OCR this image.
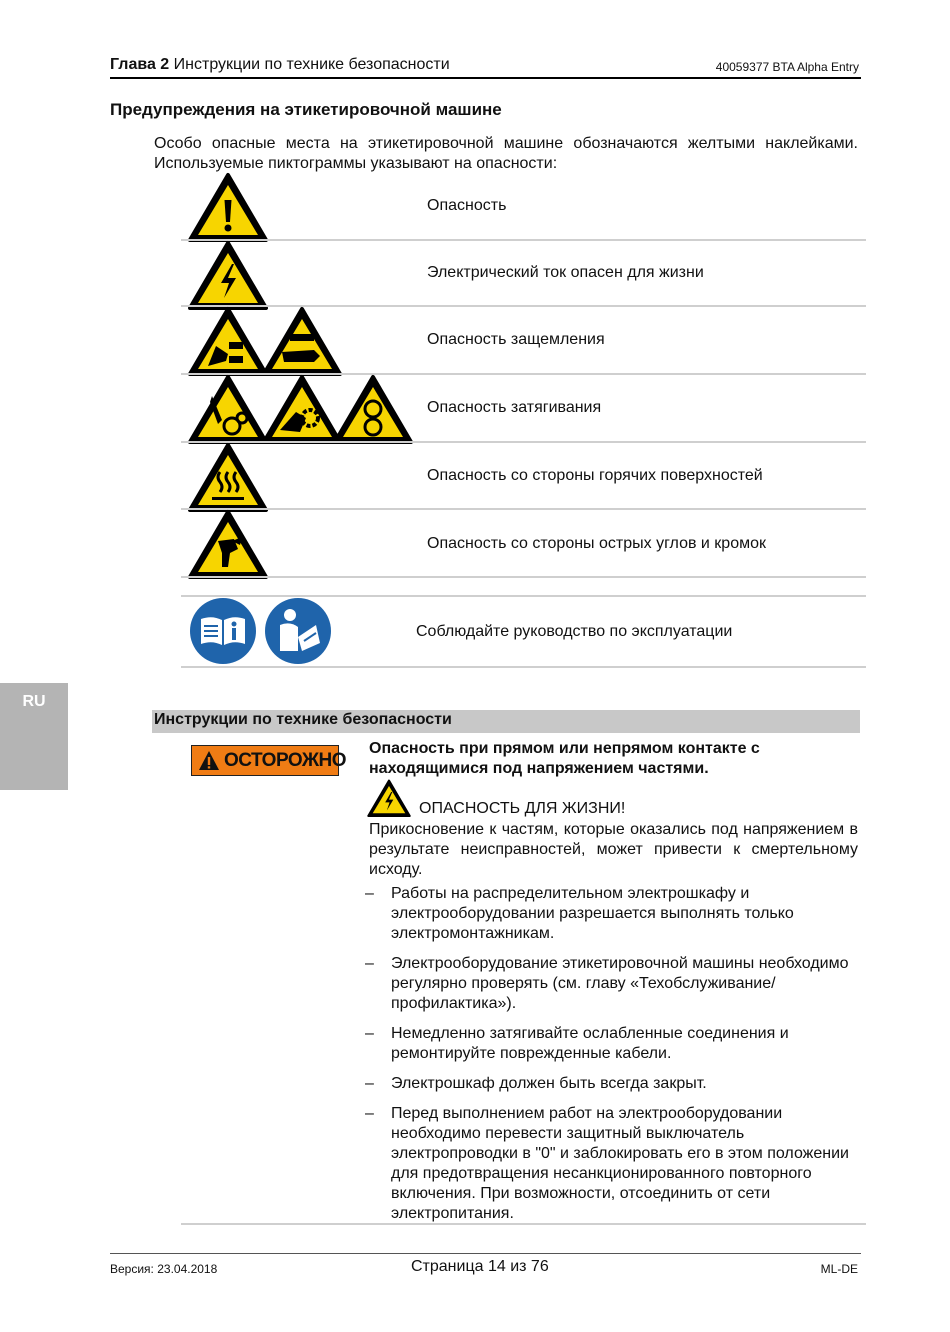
Глава 2 Инструкции по технике безопасности	40059377 BTA Alpha Entry
Предупреждения на этикетировочной машине
Особо опасные места на этикетировочной машине обозначаются желтыми наклейками. Используемые пиктограммы указывают на опасности:
Опасность
Электрический ток опасен для жизни
Опасность защемления
Опасность затягивания
Опасность со стороны горячих поверхностей
Опасность со стороны острых углов и кромок
Соблюдайте руководство по эксплуатации
RU
Инструкции по технике безопасности
ОСТОРОЖНО
Опасность при прямом или непрямом контакте с находящимися под напряжением частями.
ОПАСНОСТЬ ДЛЯ ЖИЗНИ!
Прикосновение к частям, которые оказались под напряжением в результате неисправностей, может привести к смертельному исходу.
– Работы на распределительном электрошкафу и электрооборудовании разрешается выполнять только электромонтажникам.
– Электрооборудование этикетировочной машины необходимо регулярно проверять (см. главу «Техобслуживание/профилактика»).
– Немедленно затягивайте ослабленные соединения и ремонтируйте поврежденные кабели.
– Электрошкаф должен быть всегда закрыт.
– Перед выполнением работ на электрооборудовании необходимо перевести защитный выключатель электропроводки в "0" и заблокировать его в этом положении для предотвращения несанкционированного повторного включения. При возможности, отсоединить от сети электропитания.
Версия: 23.04.2018	Страница 14 из 76	ML-DE
